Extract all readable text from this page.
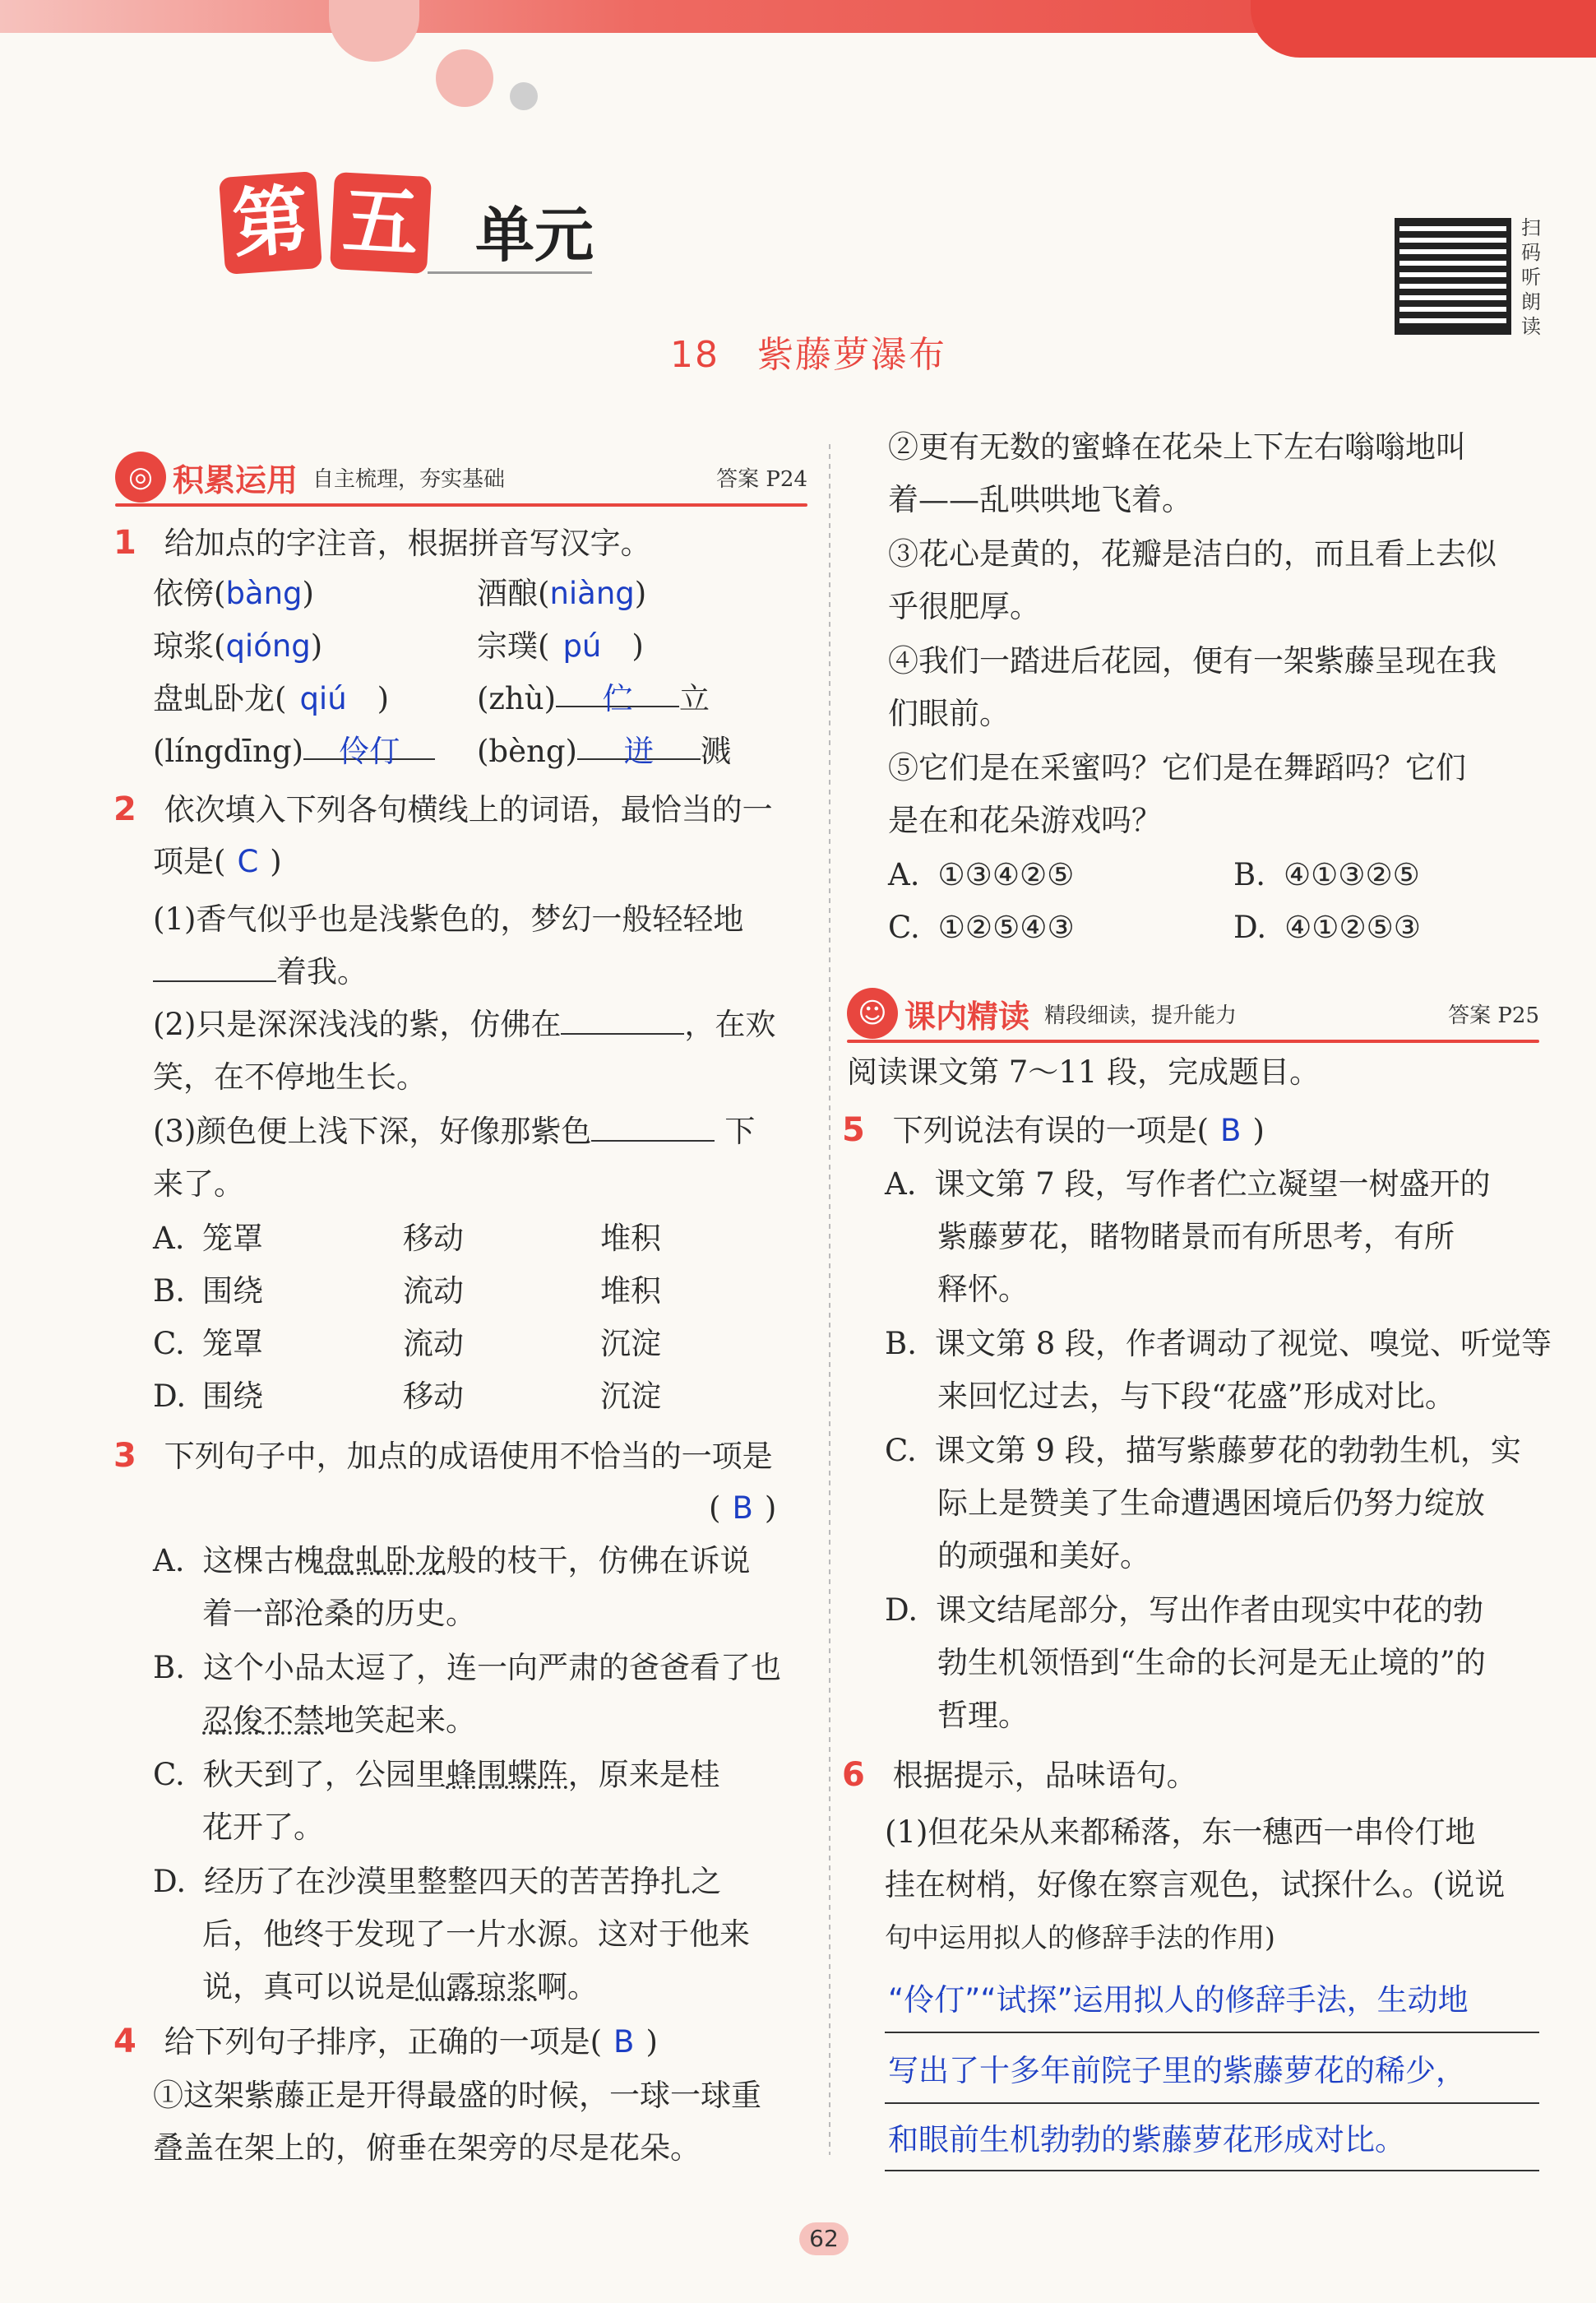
第 五 单元	扫码听朗读
18　紫藤萝瀑布
◎ 积累运用 自主梳理，夯实基础	答案 P24
1 给加点的字注音，根据拼音写汉字。
依傍(bàng)	酒酿(niàng)
琼浆(qióng)	宗璞( pú　)
盘虬卧龙( qiú　)	(zhù) 伫 立
(língdīng) 伶仃	(bèng) 迸 溅
2 依次填入下列各句横线上的词语，最恰当的一
项是( C )
(1)香气似乎也是浅紫色的，梦幻一般轻轻地
着我。
(2)只是深深浅浅的紫，仿佛在	，在欢
笑，在不停地生长。
(3)颜色便上浅下深，好像那紫色	下
来了。
A. 笼罩	移动	堆积
B. 围绕	流动	堆积
C. 笼罩	流动	沉淀
D. 围绕	移动	沉淀
3 下列句子中，加点的成语使用不恰当的一项是
( B )
A. 这棵古槐盘虬卧龙般的枝干，仿佛在诉说
着一部沧桑的历史。
B. 这个小品太逗了，连一向严肃的爸爸看了也
忍俊不禁地笑起来。
C. 秋天到了，公园里蜂围蝶阵，原来是桂
花开了。
D. 经历了在沙漠里整整四天的苦苦挣扎之
后，他终于发现了一片水源。这对于他来
说，真可以说是仙露琼浆啊。
4 给下列句子排序，正确的一项是( B )
①这架紫藤正是开得最盛的时候，一球一球重
叠盖在架上的，俯垂在架旁的尽是花朵。
②更有无数的蜜蜂在花朵上下左右嗡嗡地叫
着——乱哄哄地飞着。
③花心是黄的，花瓣是洁白的，而且看上去似
乎很肥厚。
④我们一踏进后花园，便有一架紫藤呈现在我
们眼前。
⑤它们是在采蜜吗？它们是在舞蹈吗？它们
是在和花朵游戏吗？
A. ①③④②⑤	B. ④①③②⑤
C. ①②⑤④③	D. ④①②⑤③
☺ 课内精读 精段细读，提升能力	答案 P25
阅读课文第 7～11 段，完成题目。
5 下列说法有误的一项是( B )
A. 课文第 7 段，写作者伫立凝望一树盛开的
紫藤萝花，睹物睹景而有所思考，有所
释怀。
B. 课文第 8 段，作者调动了视觉、嗅觉、听觉等
来回忆过去，与下段“花盛”形成对比。
C. 课文第 9 段，描写紫藤萝花的勃勃生机，实
际上是赞美了生命遭遇困境后仍努力绽放
的顽强和美好。
D. 课文结尾部分，写出作者由现实中花的勃
勃生机领悟到“生命的长河是无止境的”的
哲理。
6 根据提示，品味语句。
(1)但花朵从来都稀落，东一穗西一串伶仃地
挂在树梢，好像在察言观色，试探什么。(说说
句中运用拟人的修辞手法的作用)
“伶仃”“试探”运用拟人的修辞手法，生动地
写出了十多年前院子里的紫藤萝花的稀少，
和眼前生机勃勃的紫藤萝花形成对比。
62
